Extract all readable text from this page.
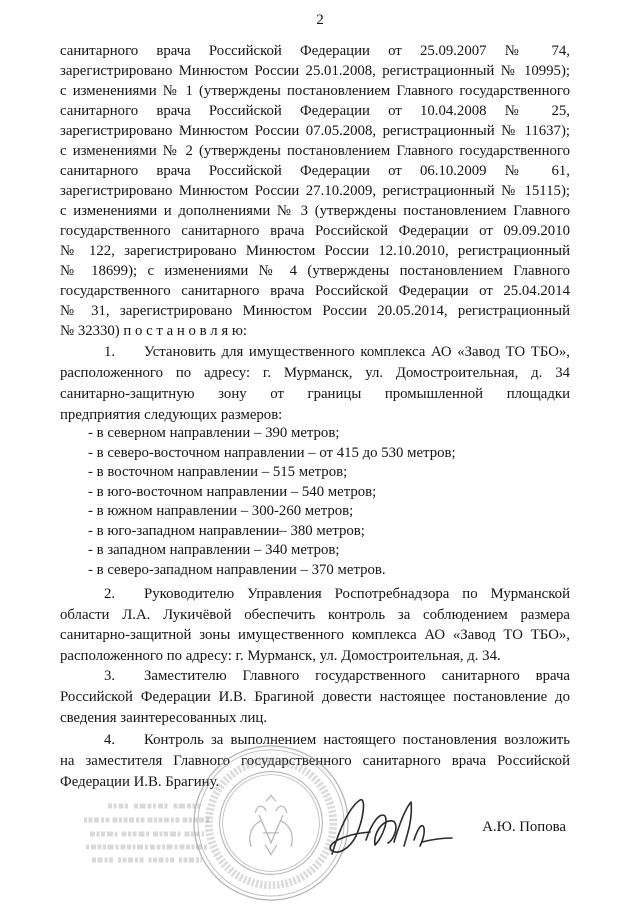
2
санитарного врача Российской Федерации от 25.09.2007 № 74,
зарегистрировано Минюстом России 25.01.2008, регистрационный № 10995);
с изменениями № 1 (утверждены постановлением Главного государственного
санитарного врача Российской Федерации от 10.04.2008 № 25,
зарегистрировано Минюстом России 07.05.2008, регистрационный № 11637);
с изменениями № 2 (утверждены постановлением Главного государственного
санитарного врача Российской Федерации от 06.10.2009 № 61,
зарегистрировано Минюстом России 27.10.2009, регистрационный № 15115);
с изменениями и дополнениями № 3 (утверждены постановлением Главного
государственного санитарного врача Российской Федерации от 09.09.2010
№ 122, зарегистрировано Минюстом России 12.10.2010, регистрационный
№ 18699); с изменениями № 4 (утверждены постановлением Главного
государственного санитарного врача Российской Федерации от 25.04.2014
№ 31, зарегистрировано Минюстом России 20.05.2014, регистрационный
№ 32330) п о с т а н о в л я ю:
1. Установить для имущественного комплекса АО «Завод ТО ТБО»,
расположенного по адресу: г. Мурманск, ул. Домостроительная, д. 34
санитарно-защитную зону от границы промышленной площадки
предприятия следующих размеров:
- в северном направлении – 390 метров;
- в северо-восточном направлении – от 415 до 530 метров;
- в восточном направлении – 515 метров;
- в юго-восточном направлении – 540 метров;
- в южном направлении – 300-260 метров;
- в юго-западном направлении– 380 метров;
- в западном направлении – 340 метров;
- в северо-западном направлении – 370 метров.
2. Руководителю Управления Роспотребнадзора по Мурманской
области Л.А. Лукичёвой обеспечить контроль за соблюдением размера
санитарно-защитной зоны имущественного комплекса АО «Завод ТО ТБО»,
расположенного по адресу: г. Мурманск, ул. Домостроительная, д. 34.
3. Заместителю Главного государственного санитарного врача
Российской Федерации И.В. Брагиной довести настоящее постановление до
сведения заинтересованных лиц.
4. Контроль за выполнением настоящего постановления возложить
на заместителя Главного государственного санитарного врача Российской
Федерации И.В. Брагину.
А.Ю. Попова
